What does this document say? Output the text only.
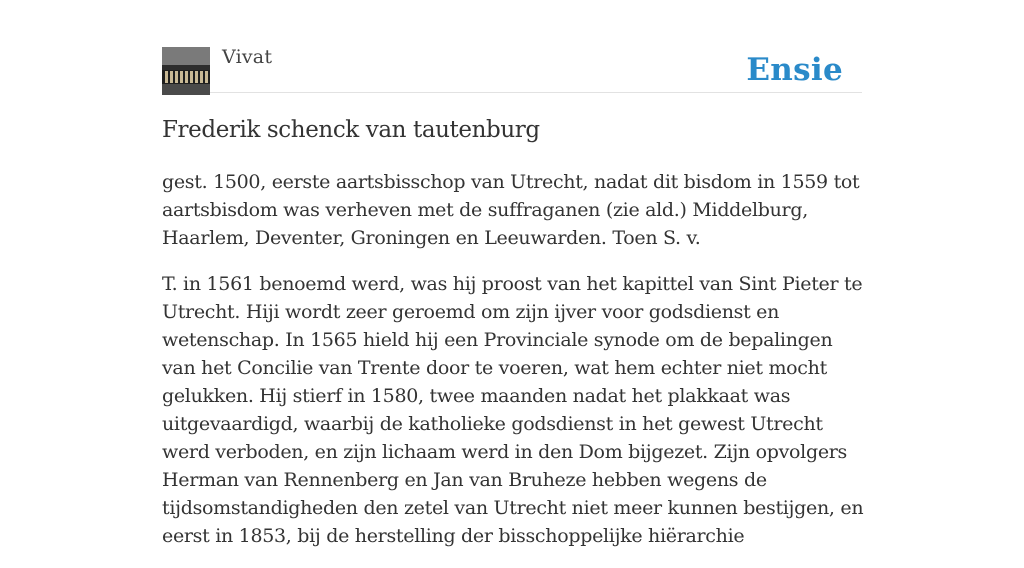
Vivat	Ensie
Frederik schenck van tautenburg

gest. 1500, eerste aartsbisschop van Utrecht, nadat dit bisdom in 1559 tot aartsbisdom was verheven met de suffraganen (zie ald.) Middelburg, Haarlem, Deventer, Groningen en Leeuwarden. Toen S. v.

T. in 1561 benoemd werd, was hij proost van het kapittel van Sint Pieter te Utrecht. Hiji wordt zeer geroemd om zijn ijver voor godsdienst en wetenschap. In 1565 hield hij een Provinciale synode om de bepalingen van het Concilie van Trente door te voeren, wat hem echter niet mocht gelukken. Hij stierf in 1580, twee maanden nadat het plakkaat was uitgevaardigd, waarbij de katholieke godsdienst in het gewest Utrecht werd verboden, en zijn lichaam werd in den Dom bijgezet. Zijn opvolgers Herman van Rennenberg en Jan van Bruheze hebben wegens de tijdsomstandigheden den zetel van Utrecht niet meer kunnen bestijgen, en eerst in 1853, bij de herstelling der bisschoppelijke hiërarchie
